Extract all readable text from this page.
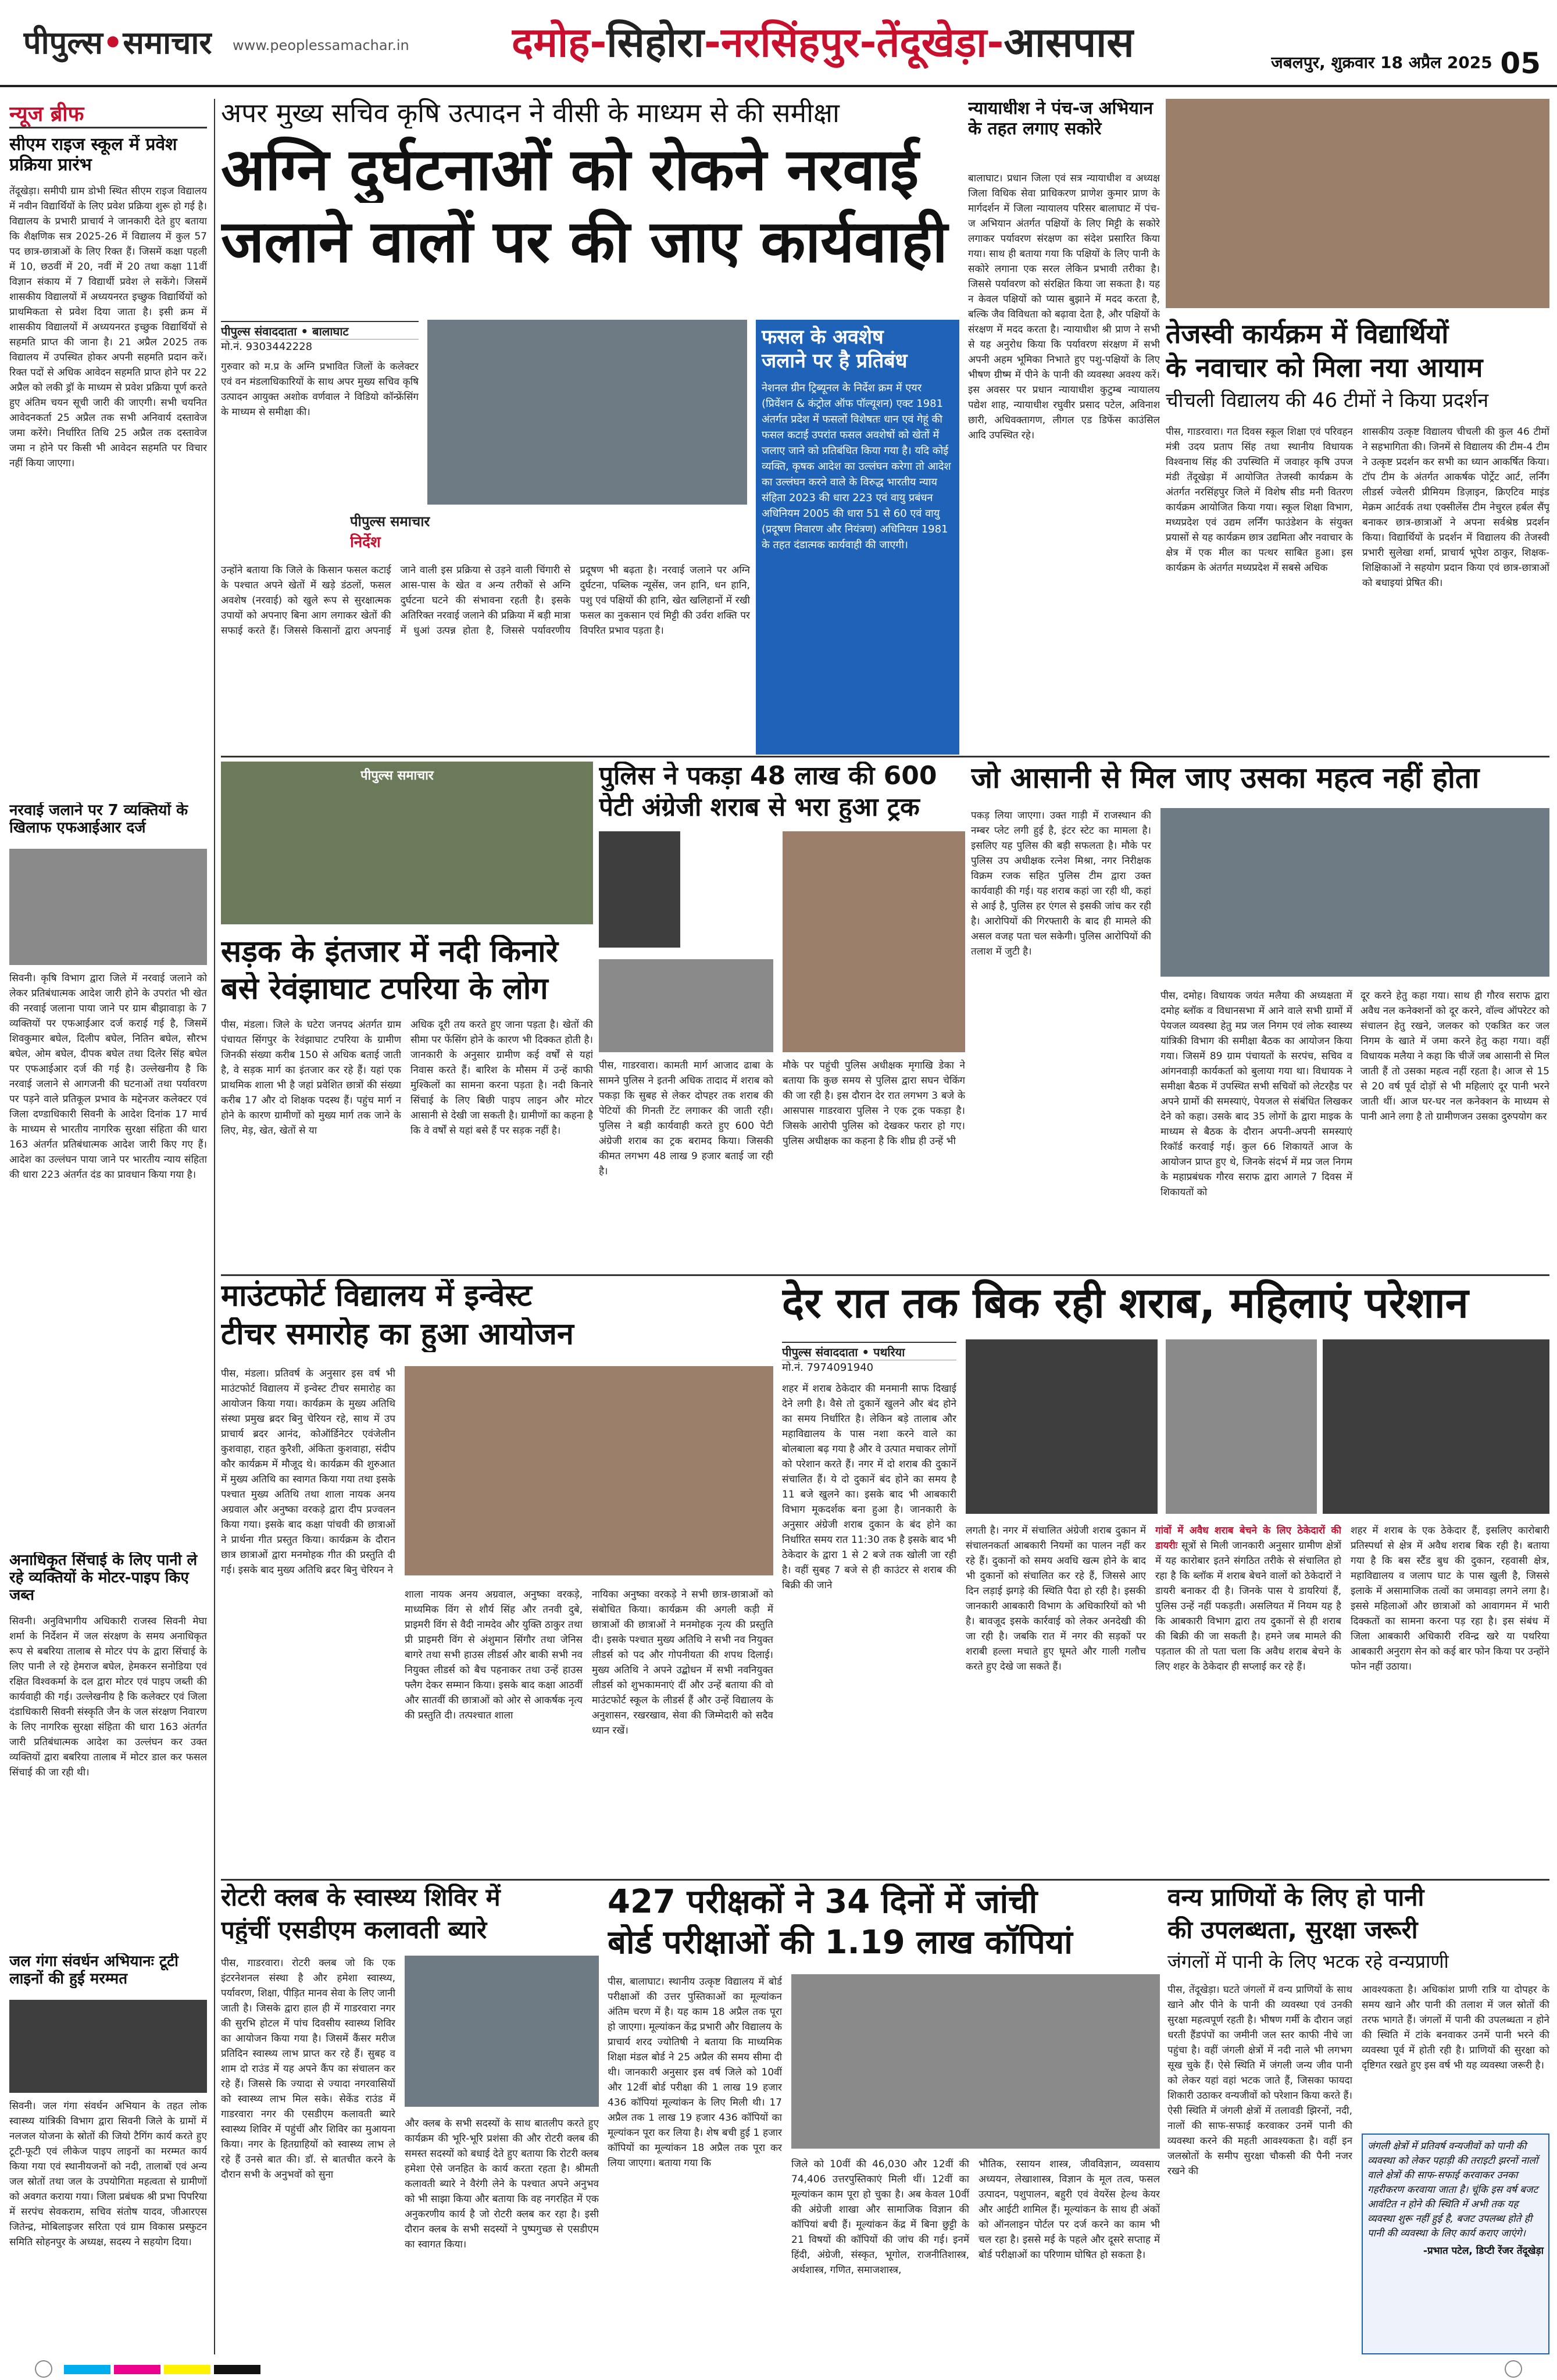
पीपुल्स•समाचार www.peoplessamachar.in	दमोह-सिहोरा-नरसिंहपुर-तेंदूखेड़ा-आसपास	जबलपुर, शुक्रवार 18 अप्रैल 2025 05
न्यूज ब्रीफ
सीएम राइज स्कूल में प्रवेश प्रक्रिया प्रारंभ
तेंदूखेड़ा। समीपी ग्राम डोभी स्थित सीएम राइज विद्यालय में नवीन विद्यार्थियों के लिए प्रवेश प्रक्रिया शुरू हो गई है। विद्यालय के प्रभारी प्राचार्य ने जानकारी देते हुए बताया कि शैक्षणिक सत्र 2025-26 में विद्यालय में कुल 57 पद छात्र-छात्राओं के लिए रिक्त हैं। जिसमें कक्षा पहली में 10, छठवीं में 20, नवीं में 20 तथा कक्षा 11वीं विज्ञान संकाय में 7 विद्यार्थी प्रवेश ले सकेंगे। जिसमें शासकीय विद्यालयों में अध्ययनरत इच्छुक विद्यार्थियों को प्राथमिकता से प्रवेश दिया जाता है। इसी क्रम में शासकीय विद्यालयों में अध्ययनरत इच्छुक विद्यार्थियों से सहमति प्राप्त की जाना है। 21 अप्रैल 2025 तक विद्यालय में उपस्थित होकर अपनी सहमति प्रदान करें। रिक्त पदों से अधिक आवेदन सहमति प्राप्त होने पर 22 अप्रैल को लकी ड्रॉ के माध्यम से प्रवेश प्रक्रिया पूर्ण करते हुए अंतिम चयन सूची जारी की जाएगी। सभी चयनित आवेदनकर्ता 25 अप्रैल तक सभी अनिवार्य दस्तावेज जमा करेंगे। निर्धारित तिथि 25 अप्रैल तक दस्तावेज जमा न होने पर किसी भी आवेदन सहमति पर विचार नहीं किया जाएगा।
नरवाई जलाने पर 7 व्यक्तियों के खिलाफ एफआईआर दर्ज
सिवनी। कृषि विभाग द्वारा जिले में नरवाई जलाने को लेकर प्रतिबंधात्मक आदेश जारी होने के उपरांत भी खेत की नरवाई जलाना पाया जाने पर ग्राम बीझावाड़ा के 7 व्यक्तियों पर एफआईआर दर्ज कराई गई है, जिसमें शिवकुमार बघेल, दिलीप बघेल, नितिन बघेल, सौरभ बघेल, ओम बघेल, दीपक बघेल तथा दिलेर सिंह बघेल पर एफआईआर दर्ज की गई है। उल्लेखनीय है कि नरवाई जलाने से आगजनी की घटनाओं तथा पर्यावरण पर पड़ने वाले प्रतिकूल प्रभाव के मद्देनजर कलेक्टर एवं जिला दण्डाधिकारी सिवनी के आदेश दिनांक 17 मार्च के माध्यम से भारतीय नागरिक सुरक्षा संहिता की धारा 163 अंतर्गत प्रतिबंधात्मक आदेश जारी किए गए हैं। आदेश का उल्लंघन पाया जाने पर भारतीय न्याय संहिता की धारा 223 अंतर्गत दंड का प्रावधान किया गया है।
अनाधिकृत सिंचाई के लिए पानी ले रहे व्यक्तियों के मोटर-पाइप किए जब्त
सिवनी। अनुविभागीय अधिकारी राजस्व सिवनी मेघा शर्मा के निर्देशन में जल संरक्षण के समय अनाधिकृत रूप से बबरिया तालाब से मोटर पंप के द्वारा सिंचाई के लिए पानी ले रहे हेमराज बघेल, हेमकरन सनोडिया एवं रक्षित विश्वकर्मा के दल द्वारा मोटर एवं पाइप जब्ती की कार्यवाही की गई। उल्लेखनीय है कि कलेक्टर एवं जिला दंडाधिकारी सिवनी संस्कृति जैन के जल संरक्षण निवारण के लिए नागरिक सुरक्षा संहिता की धारा 163 अंतर्गत जारी प्रतिबंधात्मक आदेश का उल्लंघन कर उक्त व्यक्तियों द्वारा बबरिया तालाब में मोटर डाल कर फसल सिंचाई की जा रही थी।
जल गंगा संवर्धन अभियानः टूटी लाइनों की हुई मरम्मत
सिवनी। जल गंगा संवर्धन अभियान के तहत लोक स्वास्थ्य यांत्रिकी विभाग द्वारा सिवनी जिले के ग्रामों में नलजल योजना के स्रोतों की जियो टैगिंग कार्य करते हुए टूटी-फूटी एवं लीकेज पाइप लाइनों का मरम्मत कार्य किया गया एवं स्थानीयजनों को नदी, तालाबों एवं अन्य जल स्रोतों तथा जल के उपयोगिता महत्वता से ग्रामीणों को अवगत कराया गया। जिला प्रबंधक श्री प्रभा पिपरिया में सरपंच सेवकराम, सचिव संतोष यादव, जीआरएस जितेन्द्र, मोबिलाइजर सरिता एवं ग्राम विकास प्रस्फुटन समिति सोहनपुर के अध्यक्ष, सदस्य ने सहयोग दिया।
अपर मुख्य सचिव कृषि उत्पादन ने वीसी के माध्यम से की समीक्षा
अग्नि दुर्घटनाओं को रोकने नरवाई
जलाने वालों पर की जाए कार्यवाही
पीपुल्स संवाददाता • बालाघाट
मो.नं. 9303442228
गुरुवार को म.प्र के अग्नि प्रभावित जिलों के कलेक्टर एवं वन मंडलाधिकारियों के साथ अपर मुख्य सचिव कृषि उत्पादन आयुक्त अशोक वर्णवाल ने विडियो कॉन्फ्रेंसिंग के माध्यम से समीक्षा की।
पीपुल्स समाचार
निर्देश
उन्होंने बताया कि जिले के किसान फसल कटाई के पश्चात अपने खेतों में खड़े डंठलों, फसल अवशेष (नरवाई) को खुले रूप से सुरक्षात्मक उपायों को अपनाए बिना आग लगाकर खेतों की सफाई करते हैं। जिससे किसानों द्वारा अपनाई जाने वाली इस प्रक्रिया से उड़ने वाली चिंगारी से आस-पास के खेत व अन्य तरीकों से अग्नि दुर्घटना घटने की संभावना रहती है। इसके अतिरिक्त नरवाई जलाने की प्रक्रिया में बड़ी मात्रा में धुआं उत्पन्न होता है, जिससे पर्यावरणीय प्रदूषण भी बढ़ता है। नरवाई जलाने पर अग्नि दुर्घटना, पब्लिक न्यूसेंस, जन हानि, धन हानि, पशु एवं पक्षियों की हानि, खेत खलिहानों में रखी फसल का नुकसान एवं मिट्टी की उर्वरा शक्ति पर विपरित प्रभाव पड़ता है।
फसल के अवशेष
जलाने पर है प्रतिबंध
नेशनल ग्रीन ट्रिब्यूनल के निर्देश क्रम में एयर (प्रिवेंशन & कंट्रोल ऑफ पॉल्यूशन) एक्ट 1981 अंतर्गत प्रदेश में फसलों विशेषतः धान एवं गेहूं की फसल कटाई उपरांत फसल अवशेषों को खेतों में जलाए जाने को प्रतिबंधित किया गया है। यदि कोई व्यक्ति, कृषक आदेश का उल्लंघन करेगा तो आदेश का उल्लंघन करने वाले के विरुद्ध भारतीय न्याय संहिता 2023 की धारा 223 एवं वायु प्रबंधन अधिनियम 2005 की धारा 51 से 60 एवं वायु (प्रदूषण निवारण और नियंत्रण) अधिनियम 1981 के तहत दंडात्मक कार्यवाही की जाएगी।
न्यायाधीश ने पंच-ज अभियान के तहत लगाए सकोरे
बालाघाट। प्रधान जिला एवं सत्र न्यायाधीश व अध्यक्ष जिला विधिक सेवा प्राधिकरण प्राणेश कुमार प्राण के मार्गदर्शन में जिला न्यायालय परिसर बालाघाट में पंच-ज अभियान अंतर्गत पक्षियों के लिए मिट्टी के सकोरे लगाकर पर्यावरण संरक्षण का संदेश प्रसारित किया गया। साथ ही बताया गया कि पक्षियों के लिए पानी के सकोरे लगाना एक सरल लेकिन प्रभावी तरीका है। जिससे पर्यावरण को संरक्षित किया जा सकता है। यह न केवल पक्षियों को प्यास बुझाने में मदद करता है, बल्कि जैव विविधता को बढ़ावा देता है, और पक्षियों के संरक्षण में मदद करता है। न्यायाधीश श्री प्राण ने सभी से यह अनुरोध किया कि पर्यावरण संरक्षण में सभी अपनी अहम भूमिका निभाते हुए पशु-पक्षियों के लिए भीषण ग्रीष्म में पीने के पानी की व्यवस्था अवश्य करें। इस अवसर पर प्रधान न्यायाधीश कुटुम्ब न्यायालय पद्येश शाह, न्यायाधीश रघुवीर प्रसाद पटेल, अविनाश छारी, अधिवक्तागण, लीगल एड डिफेंस काउंसिल आदि उपस्थित रहे।
तेजस्वी कार्यक्रम में विद्यार्थियों
के नवाचार को मिला नया आयाम
चीचली विद्यालय की 46 टीमों ने किया प्रदर्शन
पीस, गाडरवारा। गत दिवस स्कूल शिक्षा एवं परिवहन मंत्री उदय प्रताप सिंह तथा स्थानीय विधायक विश्वनाथ सिंह की उपस्थिति में जवाहर कृषि उपज मंडी तेंदूखेड़ा में आयोजित तेजस्वी कार्यक्रम के अंतर्गत नरसिंहपुर जिले में विशेष सीड मनी वितरण कार्यक्रम आयोजित किया गया। स्कूल शिक्षा विभाग, मध्यप्रदेश एवं उद्यम लर्निंग फाउंडेशन के संयुक्त प्रयासों से यह कार्यक्रम छात्र उद्यमिता और नवाचार के क्षेत्र में एक मील का पत्थर साबित हुआ। इस कार्यक्रम के अंतर्गत मध्यप्रदेश में सबसे अधिक
शासकीय उत्कृष्ट विद्यालय चीचली की कुल 46 टीमों ने सहभागिता की। जिनमें से विद्यालय की टीम-4 टीम ने उत्कृष्ट प्रदर्शन कर सभी का ध्यान आकर्षित किया। टॉप टीम के अंतर्गत आकर्षक पोर्ट्रेट आर्ट, लर्निंग लीडर्स ज्वेलरी प्रीमियम डिज़ाइन, क्रिएटिव माइंड मेक्रम आर्टवर्क तथा एक्सीलेंस टीम नेचुरल हर्बल सैंपू बनाकर छात्र-छात्राओं ने अपना सर्वश्रेष्ठ प्रदर्शन किया। विद्यार्थियों के प्रदर्शन में विद्यालय की तेजस्वी प्रभारी सुलेखा शर्मा, प्राचार्य भूपेश ठाकुर, शिक्षक-शिक्षिकाओं ने सहयोग प्रदान किया एवं छात्र-छात्राओं को बधाइयां प्रेषित की।
पीपुल्स समाचार
सड़क के इंतजार में नदी किनारे
बसे रेवंझाघाट टपरिया के लोग
पीस, मंडला। जिले के घटेरा जनपद अंतर्गत ग्राम पंचायत सिंगपुर के रेवंझाघाट टपरिया के ग्रामीण जिनकी संख्या करीब 150 से अधिक बताई जाती है, वे सड़क मार्ग का इंतजार कर रहे हैं। यहां एक प्राथमिक शाला भी है जहां प्रवेशित छात्रों की संख्या करीब 17 और दो शिक्षक पदस्थ हैं। पहुंच मार्ग न होने के कारण ग्रामीणों को मुख्य मार्ग तक जाने के लिए, मेड़, खेत, खेतों से या
अधिक दूरी तय करते हुए जाना पड़ता है। खेतों की सीमा पर फेंसिंग होने के कारण भी दिक्कत होती है। जानकारी के अनुसार ग्रामीण कई वर्षों से यहां निवास करते हैं। बारिश के मौसम में उन्हें काफी मुश्किलों का सामना करना पड़ता है। नदी किनारे सिंचाई के लिए बिछी पाइप लाइन और मोटर आसानी से देखी जा सकती है। ग्रामीणों का कहना है कि वे वर्षों से यहां बसे हैं पर सड़क नहीं है।
पुलिस ने पकड़ा 48 लाख की 600
पेटी अंग्रेजी शराब से भरा हुआ ट्रक
पीस, गाडरवारा। कामती मार्ग आजाद ढाबा के सामने पुलिस ने इतनी अधिक तादाद में शराब को पकड़ा कि सुबह से लेकर दोपहर तक शराब की पेटियों की गिनती टेंट लगाकर की जाती रही। पुलिस ने बड़ी कार्यवाही करते हुए 600 पेटी अंग्रेजी शराब का ट्रक बरामद किया। जिसकी कीमत लगभग 48 लाख 9 हजार बताई जा रही है।
मौके पर पहुंची पुलिस अधीक्षक मृगाखि डेका ने बताया कि कुछ समय से पुलिस द्वारा सघन चेकिंग की जा रही है। इस दौरान देर रात लगभग 3 बजे के आसपास गाडरवारा पुलिस ने एक ट्रक पकड़ा है। जिसके आरोपी पुलिस को देखकर फरार हो गए। पुलिस अधीक्षक का कहना है कि शीघ्र ही उन्हें भी
जो आसानी से मिल जाए उसका महत्व नहीं होता
पकड़ लिया जाएगा। उक्त गाड़ी में राजस्थान की नम्बर प्लेट लगी हुई है, इंटर स्टेट का मामला है। इसलिए यह पुलिस की बड़ी सफलता है। मौके पर पुलिस उप अधीक्षक रत्नेश मिश्रा, नगर निरीक्षक विक्रम रजक सहित पुलिस टीम द्वारा उक्त कार्यवाही की गई। यह शराब कहां जा रही थी, कहां से आई है, पुलिस हर एंगल से इसकी जांच कर रही है। आरोपियों की गिरफ्तारी के बाद ही मामले की असल वजह पता चल सकेगी। पुलिस आरोपियों की तलाश में जुटी है।
पीस, दमोह। विधायक जयंत मलैया की अध्यक्षता में दमोह ब्लॉक व विधानसभा में आने वाले सभी ग्रामों में पेयजल व्यवस्था हेतु मप्र जल निगम एवं लोक स्वास्थ्य यांत्रिकी विभाग की समीक्षा बैठक का आयोजन किया गया। जिसमें 89 ग्राम पंचायतों के सरपंच, सचिव व आंगनवाड़ी कार्यकर्ता को बुलाया गया था। विधायक ने समीक्षा बैठक में उपस्थित सभी सचिवों को लेटरहैड पर अपने ग्रामों की समस्याएं, पेयजल से संबंधित लिखकर देने को कहा। उसके बाद 35 लोगों के द्वारा माइक के माध्यम से बैठक के दौरान अपनी-अपनी समस्याएं रिकॉर्ड करवाई गई। कुल 66 शिकायतें आज के आयोजन प्राप्त हुए थे, जिनके संदर्भ में मप्र जल निगम के महाप्रबंधक गौरव सराफ द्वारा आगले 7 दिवस में शिकायतों को
दूर करने हेतु कहा गया। साथ ही गौरव सराफ द्वारा अवैध नल कनेक्शनों को दूर करने, वॉल्व ऑपरेटर को संचालन हेतु रखने, जलकर को एकत्रित कर जल निगम के खाते में जमा करने हेतु कहा गया। वहीं विधायक मलैया ने कहा कि चीजें जब आसानी से मिल जाती हैं तो उसका महत्व नहीं रहता है। आज से 15 से 20 वर्ष पूर्व दोड़ों से भी महिलाएं दूर पानी भरने जाती थीं। आज घर-घर नल कनेक्शन के माध्यम से पानी आने लगा है तो ग्रामीणजन उसका दुरुपयोग कर
माउंटफोर्ट विद्यालय में इन्वेस्ट
टीचर समारोह का हुआ आयोजन
पीस, मंडला। प्रतिवर्ष के अनुसार इस वर्ष भी माउंटफोर्ट विद्यालय में इन्वेस्ट टीचर समारोह का आयोजन किया गया। कार्यक्रम के मुख्य अतिथि संस्था प्रमुख ब्रदर बिनु चेरियन रहे, साथ में उप प्राचार्य ब्रदर आनंद, कोऑर्डिनेटर एवंजेलीन कुशवाहा, राहत कुरैशी, अंकिता कुशवाहा, संदीप कौर कार्यक्रम में मौजूद थे। कार्यक्रम की शुरुआत में मुख्य अतिथि का स्वागत किया गया तथा इसके पश्चात मुख्य अतिथि तथा शाला नायक अनय अग्रवाल और अनुष्का वरकड़े द्वारा दीप प्रज्वलन किया गया। इसके बाद कक्षा पांचवी की छात्राओं ने प्रार्थना गीत प्रस्तुत किया। कार्यक्रम के दौरान छात्र छात्राओं द्वारा मनमोहक गीत की प्रस्तुति दी गई। इसके बाद मुख्य अतिथि ब्रदर बिनु चेरियन ने
शाला नायक अनय अग्रवाल, अनुष्का वरकड़े, माध्यमिक विंग से शौर्य सिंह और तनवी दुबे, प्राइमरी विंग से वैदी नामदेव और युक्ति ठाकुर तथा प्री प्राइमरी विंग से अंशुमान सिंगौर तथा जेनिस बागरे तथा सभी हाउस लीडर्स और बाकी सभी नव नियुक्त लीडर्स को बैच पहनाकर तथा उन्हें हाउस फ्लैग देकर सम्मान किया। इसके बाद कक्षा आठवीं और सातवीं की छात्राओं को ओर से आकर्षक नृत्य की प्रस्तुति दी। तत्पश्चात शाला
नायिका अनुष्का वरकड़े ने सभी छात्र-छात्राओं को संबोधित किया। कार्यक्रम की अगली कड़ी में छात्राओं की छात्राओं ने मनमोहक नृत्य की प्रस्तुति दी। इसके पश्चात मुख्य अतिथि ने सभी नव नियुक्त लीडर्स को पद और गोपनीयता की शपथ दिलाई। मुख्य अतिथि ने अपने उद्बोधन में सभी नवनियुक्त लीडर्स को शुभकामनाएं दीं और उन्हें बताया की वो माउंटफोर्ट स्कूल के लीडर्स हैं और उन्हें विद्यालय के अनुशासन, रखरखाव, सेवा की जिम्मेदारी को सदैव ध्यान रखें।
देर रात तक बिक रही शराब, महिलाएं परेशान
पीपुल्स संवाददाता • पथरिया
मो.नं. 7974091940
शहर में शराब ठेकेदार की मनमानी साफ दिखाई देने लगी है। वैसे तो दुकानें खुलने और बंद होने का समय निर्धारित है। लेकिन बड़े तालाब और महाविद्यालय के पास नशा करने वाले का बोलबाला बढ़ गया है और वे उत्पात मचाकर लोगों को परेशान करते हैं। नगर में दो शराब की दुकानें संचालित हैं। ये दो दुकानें बंद होने का समय है 11 बजे खुलने का। इसके बाद भी आबकारी विभाग मूकदर्शक बना हुआ है। जानकारी के अनुसार अंग्रेजी शराब दुकान के बंद होने का निर्धारित समय रात 11:30 तक है इसके बाद भी ठेकेदार के द्वारा 1 से 2 बजे तक खोली जा रही है। वहीं सुबह 7 बजे से ही काउंटर से शराब की बिक्री की जाने
लगती है। नगर में संचालित अंग्रेजी शराब दुकान में संचालनकर्ता आबकारी नियमों का पालन नहीं कर रहे हैं। दुकानों को समय अवधि खत्म होने के बाद भी दुकानों को संचालित कर रहे हैं, जिससे आए दिन लड़ाई झगड़े की स्थिति पैदा हो रही है। इसकी जानकारी आबकारी विभाग के अधिकारियों को भी है। बावजूद इसके कार्रवाई को लेकर अनदेखी की जा रही है। जबकि रात में नगर की सड़कों पर शराबी हल्ला मचाते हुए घूमते और गाली गलौच करते हुए देखे जा सकते हैं।
गांवों में अवैध शराब बेचने के लिए ठेकेदारों की डायरीः सूत्रों से मिली जानकारी अनुसार ग्रामीण क्षेत्रों में यह कारोबार इतने संगठित तरीके से संचालित हो रहा है कि ब्लॉक में शराब बेचने वालों को ठेकेदारों ने डायरी बनाकर दी है। जिनके पास ये डायरियां हैं, पुलिस उन्हें नहीं पकड़ती। असलियत में नियम यह है कि आबकारी विभाग द्वारा तय दुकानों से ही शराब की बिक्री की जा सकती है। हमने जब मामले की पड़ताल की तो पता चला कि अवैध शराब बेचने के लिए शहर के ठेकेदार ही सप्लाई कर रहे हैं।
शहर में शराब के एक ठेकेदार हैं, इसलिए कारोबारी प्रतिस्पर्धा से क्षेत्र में अवैध शराब बिक रही है। बताया गया है कि बस स्टैंड बुध की दुकान, रहवासी क्षेत्र, महाविद्यालय व जलाप घाट के पास खुली है, जिससे इलाके में असामाजिक तत्वों का जमावड़ा लगने लगा है। इससे महिलाओं और छात्राओं को आवागमन में भारी दिक्कतों का सामना करना पड़ रहा है। इस संबंध में जिला आबकारी अधिकारी रविन्द्र खरे या पथरिया आबकारी अनुराग सेन को कई बार फोन किया पर उन्होंने फोन नहीं उठाया।
रोटरी क्लब के स्वास्थ्य शिविर में
पहुंचीं एसडीएम कलावती ब्यारे
पीस, गाडरवारा। रोटरी क्लब जो कि एक इंटरनेशनल संस्था है और हमेशा स्वास्थ्य, पर्यावरण, शिक्षा, पीड़ित मानव सेवा के लिए जानी जाती है। जिसके द्वारा हाल ही में गाडरवारा नगर की सुरभि होटल में पांच दिवसीय स्वास्थ्य शिविर का आयोजन किया गया है। जिसमें कैंसर मरीज प्रतिदिन स्वास्थ्य लाभ प्राप्त कर रहे हैं। सुबह व शाम दो राउंड में यह अपने कैंप का संचालन कर रहे हैं। जिससे कि ज्यादा से ज्यादा नगरवासियों को स्वास्थ्य लाभ मिल सके। सेकेंड राउंड में गाडरवारा नगर की एसडीएम कलावती ब्यारे स्वास्थ्य शिविर में पहुंचीं और शिविर का मुआयना किया। नगर के हितग्राहियों को स्वास्थ्य लाभ ले रहे हैं उनसे बात की। डॉ. से बातचीत करने के दौरान सभी के अनुभवों को सुना
और क्लब के सभी सदस्यों के साथ बातलीप करते हुए कार्यक्रम की भूरि-भूरि प्रशंसा की और रोटरी क्लब की समस्त सदस्यों को बधाई देते हुए बताया कि रोटरी क्लब हमेशा ऐसे जनहित के कार्य करता रहता है। श्रीमती कलावती ब्यारे ने वैरंगी लेने के पश्चात अपने अनुभव को भी साझा किया और बताया कि वह नगरहित में एक अनुकरणीय कार्य है जो रोटरी क्लब कर रहा है। इसी दौरान क्लब के सभी सदस्यों ने पुष्पगुच्छ से एसडीएम का स्वागत किया।
427 परीक्षकों ने 34 दिनों में जांची
बोर्ड परीक्षाओं की 1.19 लाख कॉपियां
पीस, बालाघाट। स्थानीय उत्कृष्ट विद्यालय में बोर्ड परीक्षाओं की उत्तर पुस्तिकाओं का मूल्यांकन अंतिम चरण में है। यह काम 18 अप्रैल तक पूरा हो जाएगा। मूल्यांकन केंद्र प्रभारी और विद्यालय के प्राचार्य शरद ज्योतिषी ने बताया कि माध्यमिक शिक्षा मंडल बोर्ड ने 25 अप्रैल की समय सीमा दी थी। जानकारी अनुसार इस वर्ष जिले को 10वीं और 12वीं बोर्ड परीक्षा की 1 लाख 19 हजार 436 कॉपियां मूल्यांकन के लिए मिली थी। 17 अप्रैल तक 1 लाख 19 हजार 436 कॉपियों का मूल्यांकन पूरा कर लिया है। शेष बची हुई 1 हजार कॉपियों का मूल्यांकन 18 अप्रैल तक पूरा कर लिया जाएगा। बताया गया कि	जिले को 10वीं की 46,030 और 12वीं की 74,406 उत्तरपुस्तिकाएं मिली थीं। 12वीं का मूल्यांकन काम पूरा हो चुका है। अब केवल 10वीं की अंग्रेजी शाखा और सामाजिक विज्ञान की कॉपियां बची हैं। मूल्यांकन केंद्र में बिना छुट्टी के 21 विषयों की कॉपियों की जांच की गई। इनमें हिंदी, अंग्रेजी, संस्कृत, भूगोल, राजनीतिशास्त्र, अर्थशास्त्र, गणित, समाजशास्त्र,
भौतिक, रसायन शास्त्र, जीवविज्ञान, व्यवसाय अध्ययन, लेखाशास्त्र, विज्ञान के मूल तत्व, फसल उत्पादन, पशुपालन, बहुरी एवं वेयरेंस हेल्थ केयर और आईटी शामिल हैं। मूल्यांकन के साथ ही अंकों को ऑनलाइन पोर्टल पर दर्ज करने का काम भी चल रहा है। इससे मई के पहले और दूसरे सप्ताह में बोर्ड परीक्षाओं का परिणाम घोषित हो सकता है।
वन्य प्राणियों के लिए हो पानी
की उपलब्धता, सुरक्षा जरूरी
जंगलों में पानी के लिए भटक रहे वन्यप्राणी
पीस, तेंदूखेड़ा। घटते जंगलों में वन्य प्राणियों के साथ खाने और पीने के पानी की व्यवस्था एवं उनकी सुरक्षा महत्वपूर्ण रहती है। भीषण गर्मी के दौरान जहां धरती हैंडपंपों का जमीनी जल स्तर काफी नीचे जा पहुंचा है। वहीं जंगली क्षेत्रों में नदी नाले भी लगभग सूख चुके हैं। ऐसे स्थिति में जंगली जन्य जीव पानी को लेकर यहां वहां भटक जाते हैं, जिसका फायदा शिकारी उठाकर वन्यजीवों को परेशान किया करते हैं। ऐसी स्थिति में जंगली क्षेत्रों में तलावडी झिरनों, नदी, नालों की साफ-सफाई करवाकर उनमें पानी की व्यवस्था करने की महती आवश्यकता है। वहीं इन जलस्रोतों के समीप सुरक्षा चौकसी की पैनी नजर रखने की
आवश्यकता है। अधिकांश प्राणी रात्रि या दोपहर के समय खाने और पानी की तलाश में जल स्रोतों की तरफ भागते हैं। जंगलों में पानी की उपलब्धता न होने की स्थिति में टांके बनवाकर उनमें पानी भरने की व्यवस्था पूर्व में होती रही है। प्राणियों की सुरक्षा को दृष्टिगत रखते हुए इस वर्ष भी यह व्यवस्था जरूरी है।
जंगली क्षेत्रों में प्रतिवर्ष वन्यजीवों को पानी की व्यवस्था को लेकर पहाड़ी की तराइटी झरनों नालों वाले क्षेत्रों की साफ-सफाई करवाकर उनका गहरीकरण करवाया जाता है। चूंकि इस वर्ष बजट आवंटित न होने की स्थिति में अभी तक यह व्यवस्था शुरू नहीं हुई है, बजट उपलब्ध होते ही पानी की व्यवस्था के लिए कार्य कराए जाएंगे।
-प्रभात पटेल, डिप्टी रेंजर तेंदूखेड़ा
